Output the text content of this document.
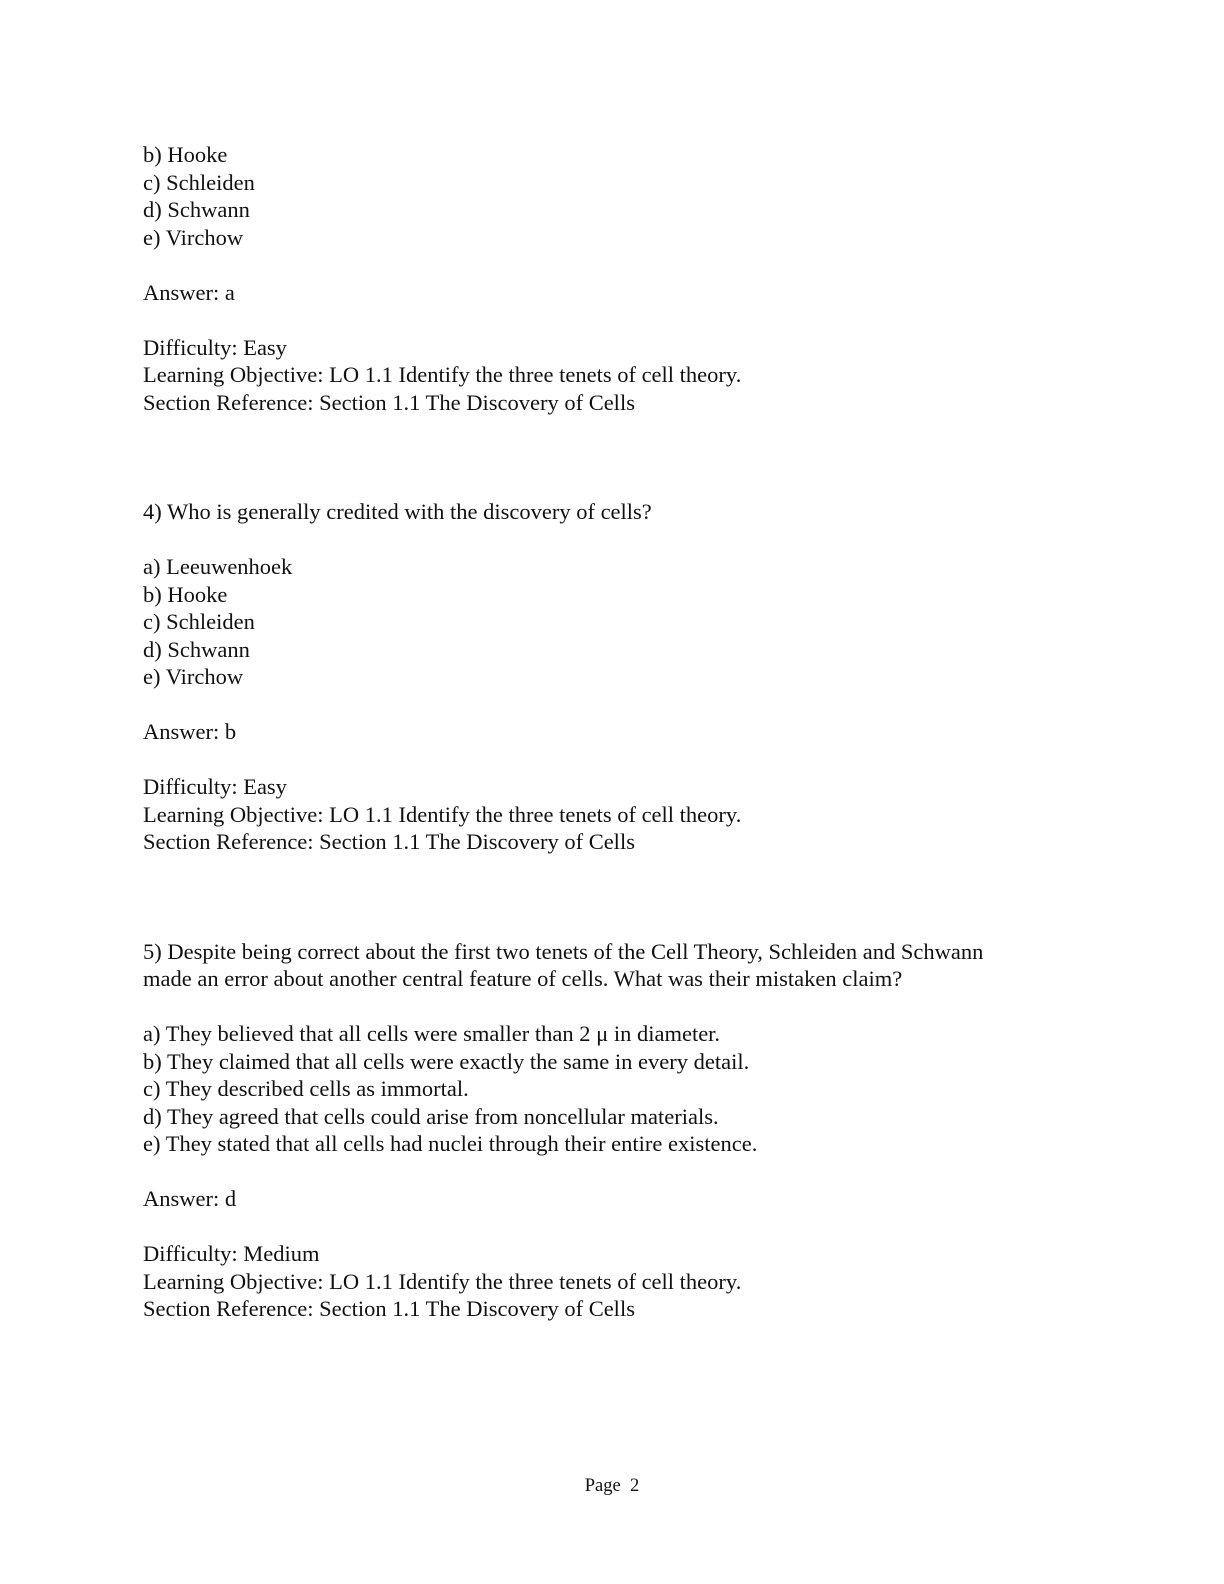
b) Hooke
c) Schleiden
d) Schwann
e) Virchow
Answer: a
Difficulty: Easy
Learning Objective: LO 1.1 Identify the three tenets of cell theory.
Section Reference: Section 1.1 The Discovery of Cells
4) Who is generally credited with the discovery of cells?
a) Leeuwenhoek
b) Hooke
c) Schleiden
d) Schwann
e) Virchow
Answer: b
Difficulty: Easy
Learning Objective: LO 1.1 Identify the three tenets of cell theory.
Section Reference: Section 1.1 The Discovery of Cells
5) Despite being correct about the first two tenets of the Cell Theory, Schleiden and Schwann
made an error about another central feature of cells. What was their mistaken claim?
a) They believed that all cells were smaller than 2 μ in diameter.
b) They claimed that all cells were exactly the same in every detail.
c) They described cells as immortal.
d) They agreed that cells could arise from noncellular materials.
e) They stated that all cells had nuclei through their entire existence.
Answer: d
Difficulty: Medium
Learning Objective: LO 1.1 Identify the three tenets of cell theory.
Section Reference: Section 1.1 The Discovery of Cells
Page 2
